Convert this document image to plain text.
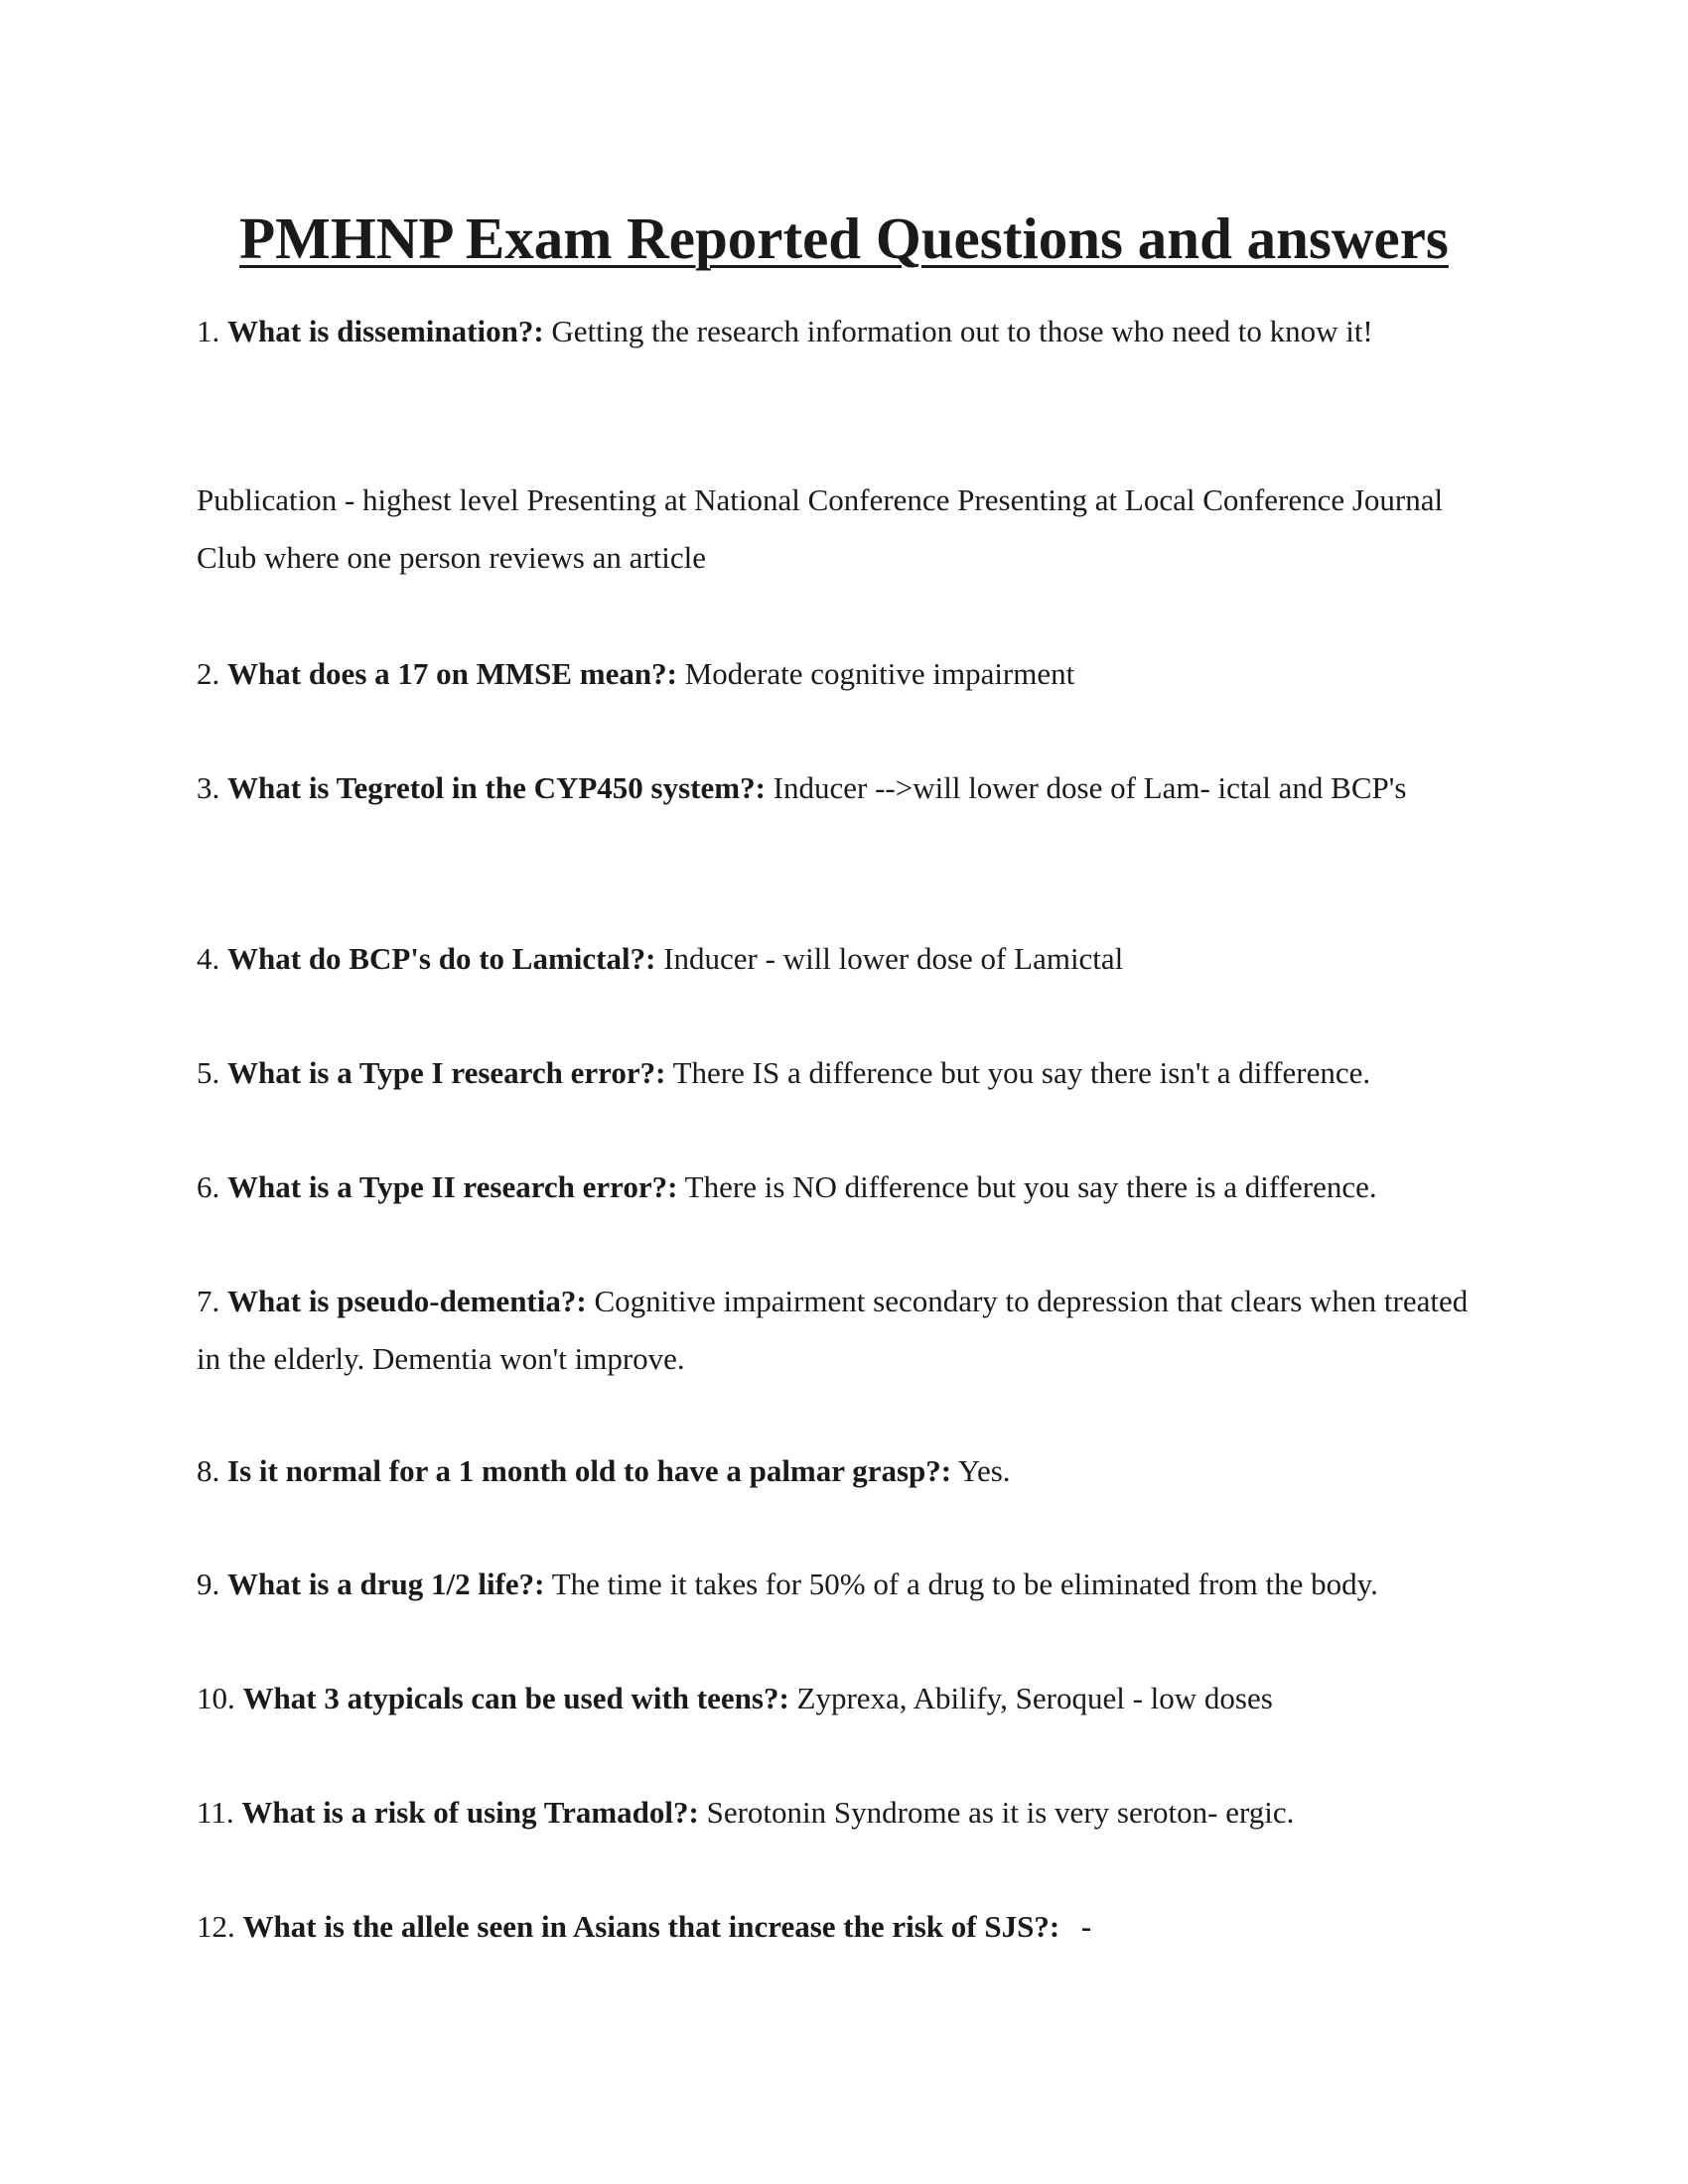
PMHNP Exam Reported Questions and answers

1. What is dissemination?: Getting the research information out to those who need to know it!

Publication - highest level Presenting at National Conference Presenting at Local Conference Journal Club where one person reviews an article

2. What does a 17 on MMSE mean?: Moderate cognitive impairment

3. What is Tegretol in the CYP450 system?: Inducer -->will lower dose of Lam- ictal and BCP's

4. What do BCP's do to Lamictal?: Inducer - will lower dose of Lamictal

5. What is a Type I research error?: There IS a difference but you say there isn't a difference.

6. What is a Type II research error?: There is NO difference but you say there is a difference.

7. What is pseudo-dementia?: Cognitive impairment secondary to depression that clears when treated in the elderly. Dementia won't improve.

8. Is it normal for a 1 month old to have a palmar grasp?: Yes.

9. What is a drug 1/2 life?: The time it takes for 50% of a drug to be eliminated from the body.

10. What 3 atypicals can be used with teens?: Zyprexa, Abilify, Seroquel - low doses

11. What is a risk of using Tramadol?: Serotonin Syndrome as it is very seroton- ergic.

12. What is the allele seen in Asians that increase the risk of SJS?: -
